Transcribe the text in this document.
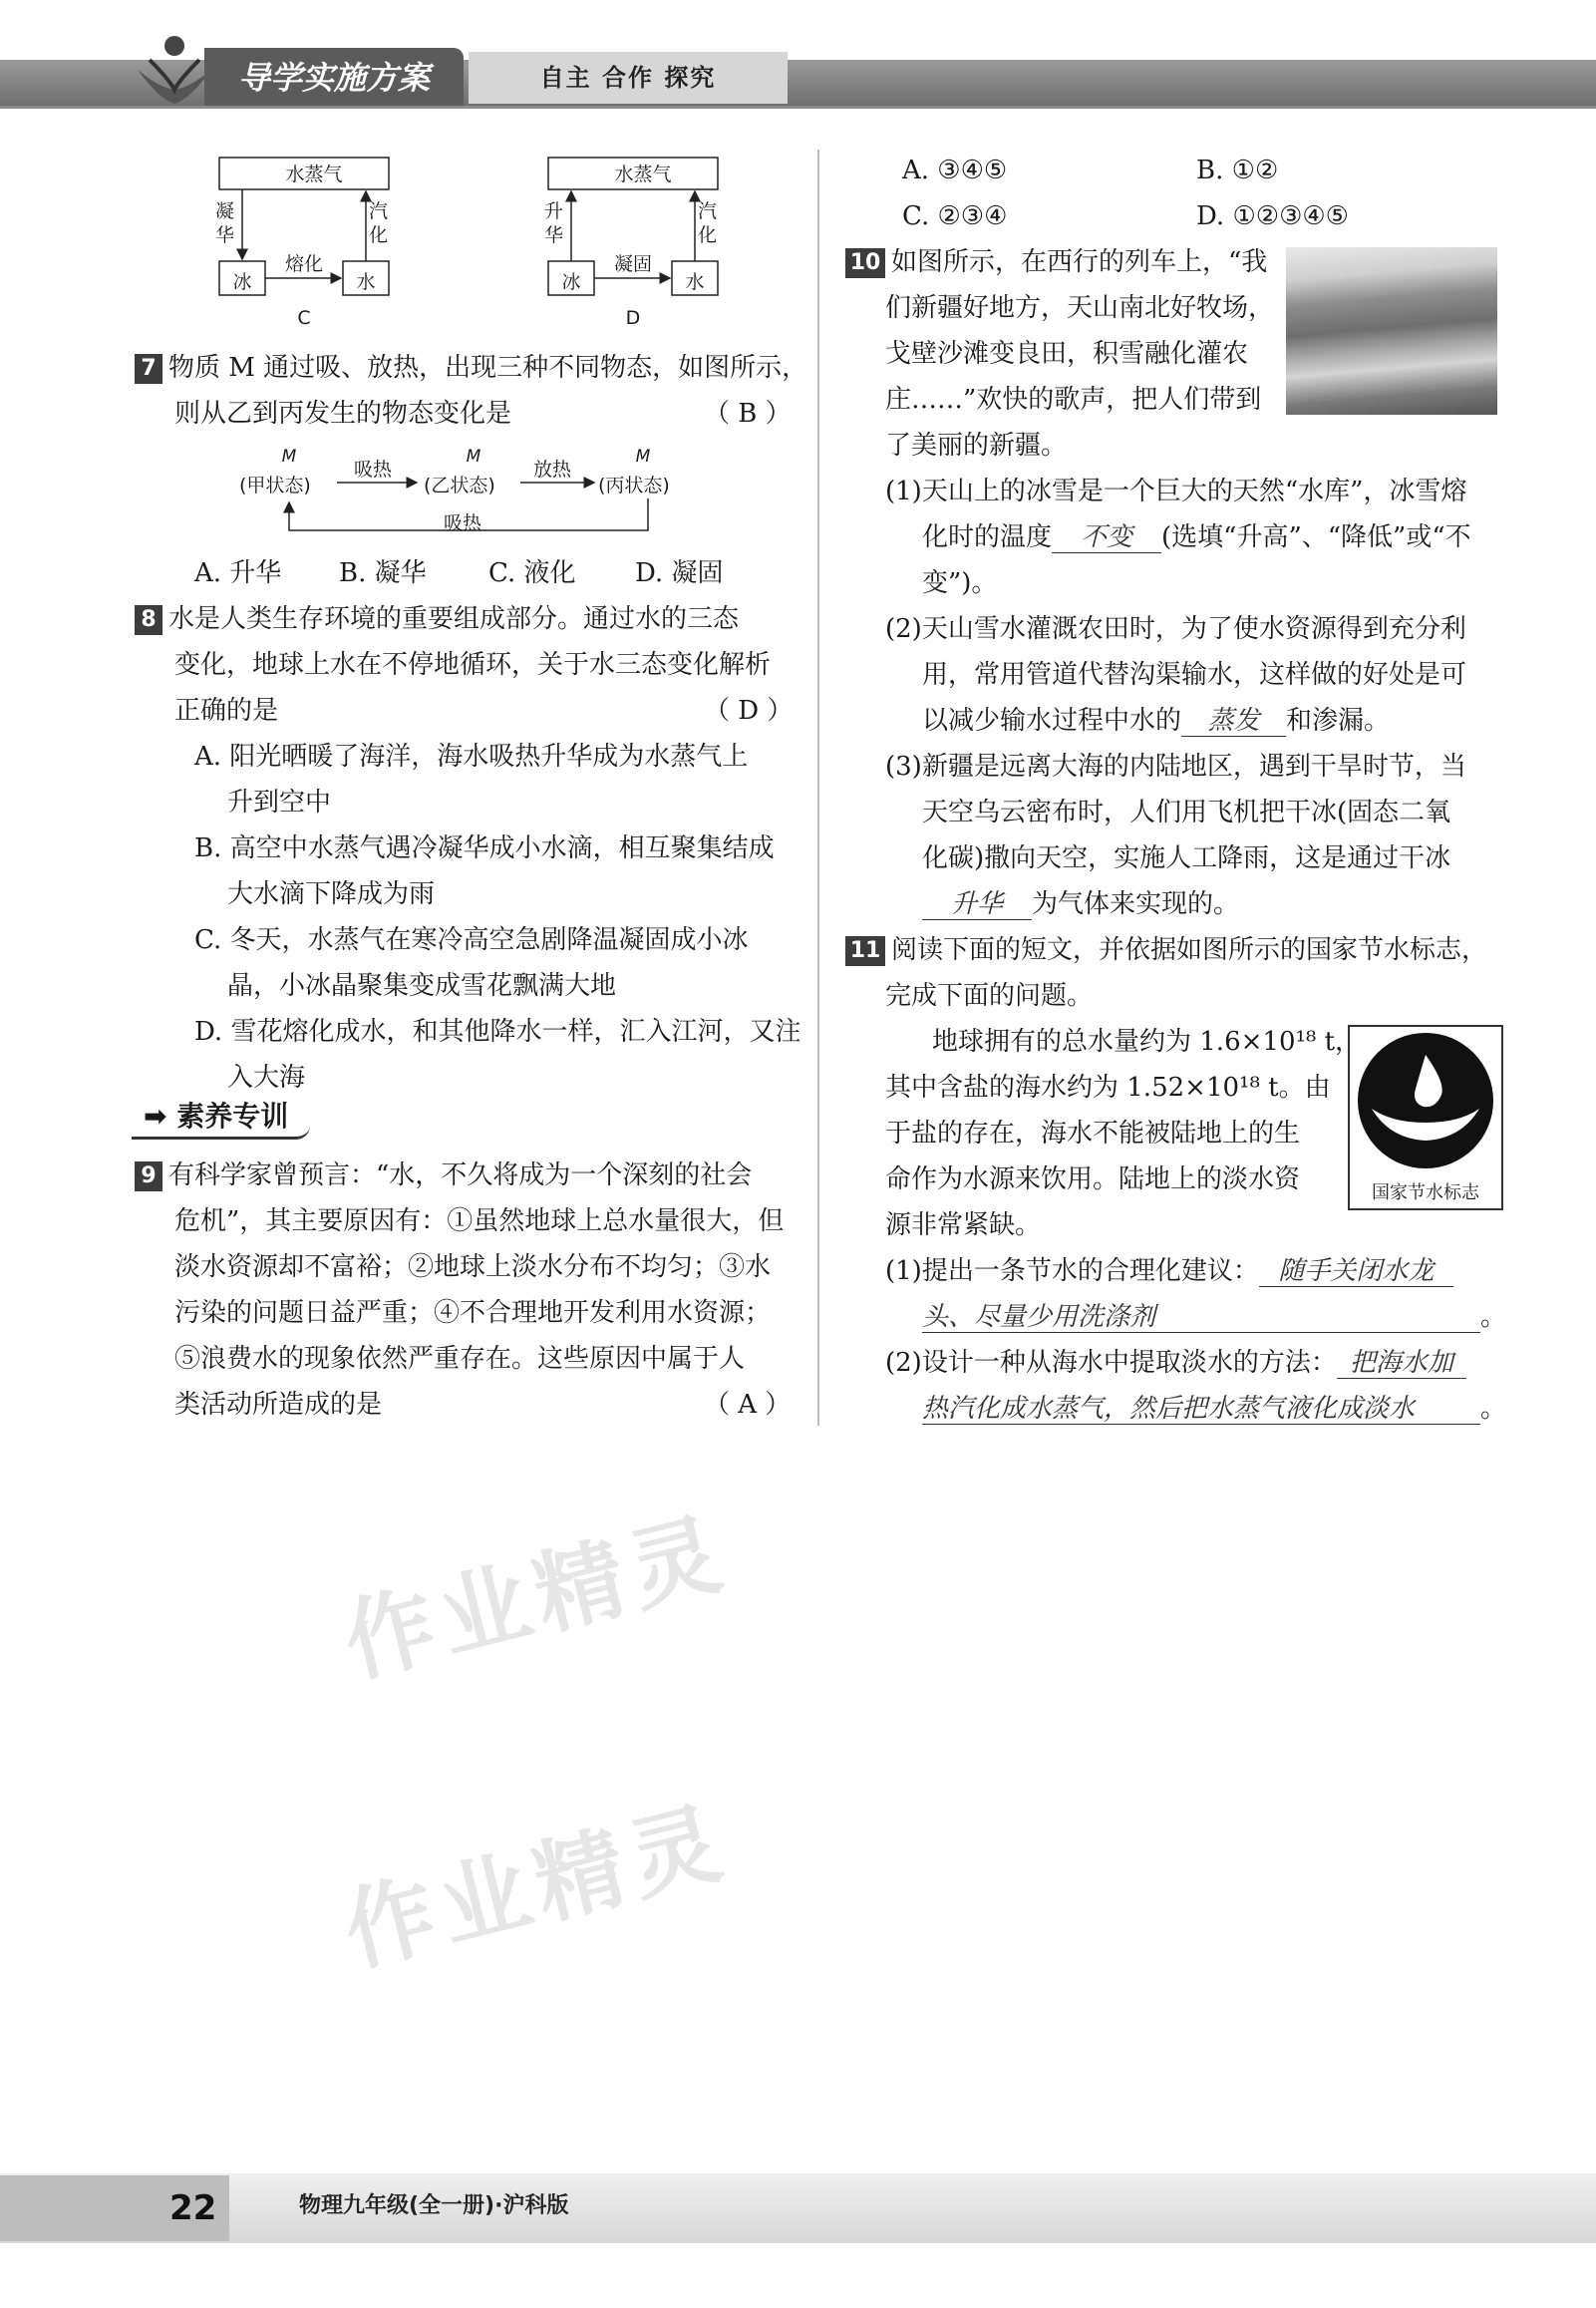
导学实施方案	自主 合作 探究
作业精灵
作业精灵
水蒸气
凝华
汽化
冰	水
熔化
C
水蒸气
升华
汽化
冰	水
凝固
D
7 物质 M 通过吸、放热，出现三种不同物态，如图所示，
则从乙到丙发生的物态变化是	（ B ）
M	M	M
(甲状态)	(乙状态)	(丙状态)
吸热	放热
吸热
A. 升华 B. 凝华 C. 液化 D. 凝固
8 水是人类生存环境的重要组成部分。通过水的三态
变化，地球上水在不停地循环，关于水三态变化解析
正确的是	（ D ）
A. 阳光晒暖了海洋，海水吸热升华成为水蒸气上
升到空中
B. 高空中水蒸气遇冷凝华成小水滴，相互聚集结成
大水滴下降成为雨
C. 冬天，水蒸气在寒冷高空急剧降温凝固成小冰
晶，小冰晶聚集变成雪花飘满大地
D. 雪花熔化成水，和其他降水一样，汇入江河，又注
入大海
➡ 素养专训
9 有科学家曾预言：“水，不久将成为一个深刻的社会
危机”，其主要原因有：①虽然地球上总水量很大，但
淡水资源却不富裕；②地球上淡水分布不均匀；③水
污染的问题日益严重；④不合理地开发利用水资源；
⑤浪费水的现象依然严重存在。这些原因中属于人
类活动所造成的是	（ A ）
A. ③④⑤	B. ①②
C. ②③④	D. ①②③④⑤
10 如图所示，在西行的列车上，“我
们新疆好地方，天山南北好牧场，
戈壁沙滩变良田，积雪融化灌农
庄……”欢快的歌声，把人们带到
了美丽的新疆。
(1)天山上的冰雪是一个巨大的天然“水库”，冰雪熔
化时的温度 不变 (选填“升高”、“降低”或“不
变”)。
(2)天山雪水灌溉农田时，为了使水资源得到充分利
用，常用管道代替沟渠输水，这样做的好处是可
以减少输水过程中水的 蒸发 和渗漏。
(3)新疆是远离大海的内陆地区，遇到干旱时节，当
天空乌云密布时，人们用飞机把干冰(固态二氧
化碳)撒向天空，实施人工降雨，这是通过干冰
升华 为气体来实现的。
11 阅读下面的短文，并依据如图所示的国家节水标志，
完成下面的问题。
国家节水标志
地球拥有的总水量约为 1.6×10¹⁸ t，
其中含盐的海水约为 1.52×10¹⁸ t。由
于盐的存在，海水不能被陆地上的生
命作为水源来饮用。陆地上的淡水资
源非常紧缺。
(1)提出一条节水的合理化建议： 随手关闭水龙
头、尽量少用洗涤剂	。
(2)设计一种从海水中提取淡水的方法： 把海水加
热汽化成水蒸气，然后把水蒸气液化成淡水	。
22	物理九年级(全一册)·沪科版
